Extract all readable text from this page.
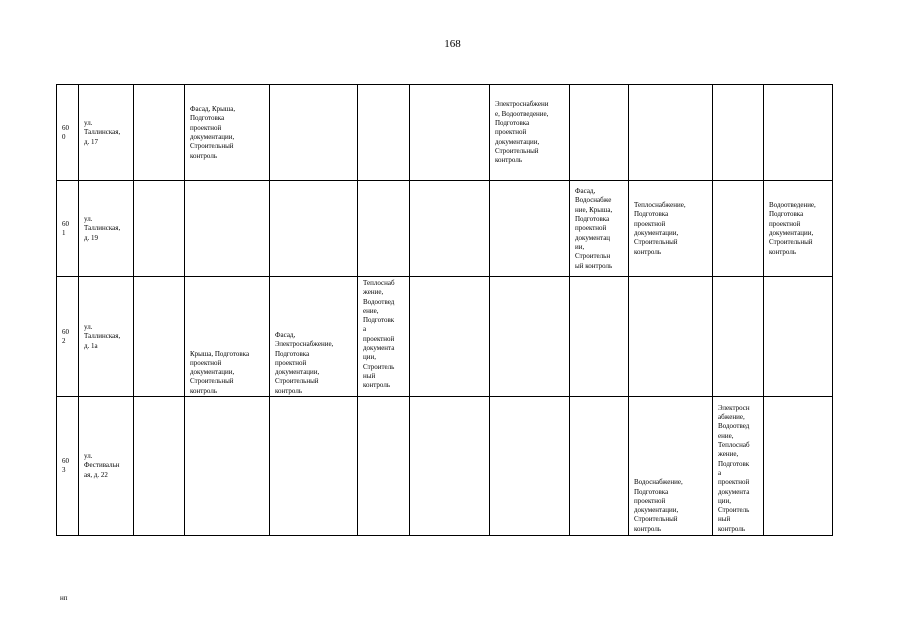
168
60
0
ул.
Таллинская,
д. 17
Фасад, Крыша,
Подготовка
проектной
документации,
Строительный
контроль
Электроснабжени
е, Водоотведение,
Подготовка
проектной
документации,
Строительный
контроль
60
1
ул.
Таллинская,
д. 19
Фасад,
Водоснабже
ние, Крыша,
Подготовка
проектной
документац
ии,
Строительн
ый контроль
Теплоснабжение,
Подготовка
проектной
документации,
Строительный
контроль
Водоотведение,
Подготовка
проектной
документации,
Строительный
контроль
60
2
ул.
Таллинская,
д. 1а
Крыша, Подготовка
проектной
документации,
Строительный
контроль
Фасад,
Электроснабжение,
Подготовка
проектной
документации,
Строительный
контроль
Теплоснаб
жение,
Водоотвед
ение,
Подготовк
а
проектной
документа
ции,
Строитель
ный
контроль
60
3
ул.
Фестивальн
ая, д. 22
Водоснабжение,
Подготовка
проектной
документации,
Строительный
контроль
Электросн
абжение,
Водоотвед
ение,
Теплоснаб
жение,
Подготовк
а
проектной
документа
ции,
Строитель
ный
контроль
нп
